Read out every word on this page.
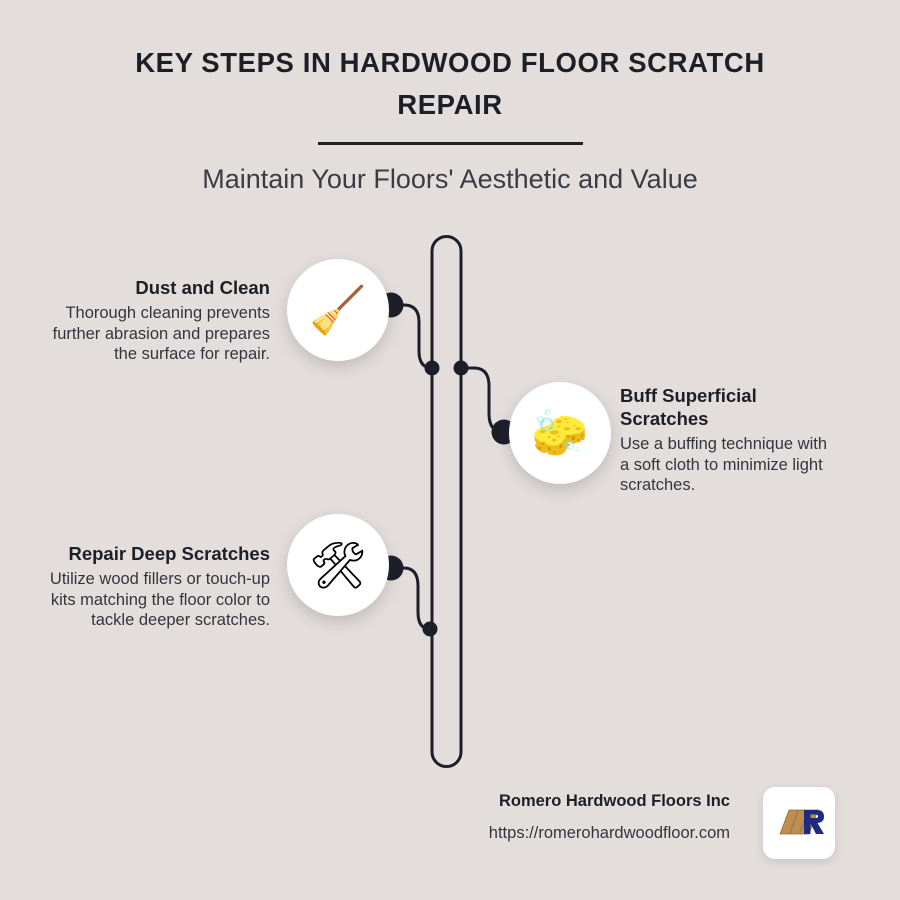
KEY STEPS IN HARDWOOD FLOOR SCRATCH REPAIR
Maintain Your Floors' Aesthetic and Value
🧹
🧽
🛠

Dust and Clean

Thorough cleaning prevents further abrasion and prepares the surface for repair.

Buff Superficial Scratches

Use a buffing technique with a soft cloth to minimize light scratches.

Repair Deep Scratches

Utilize wood fillers or touch-up kits matching the floor color to tackle deeper scratches.

Romero Hardwood Floors Inc

https://romerohardwoodfloor.com
